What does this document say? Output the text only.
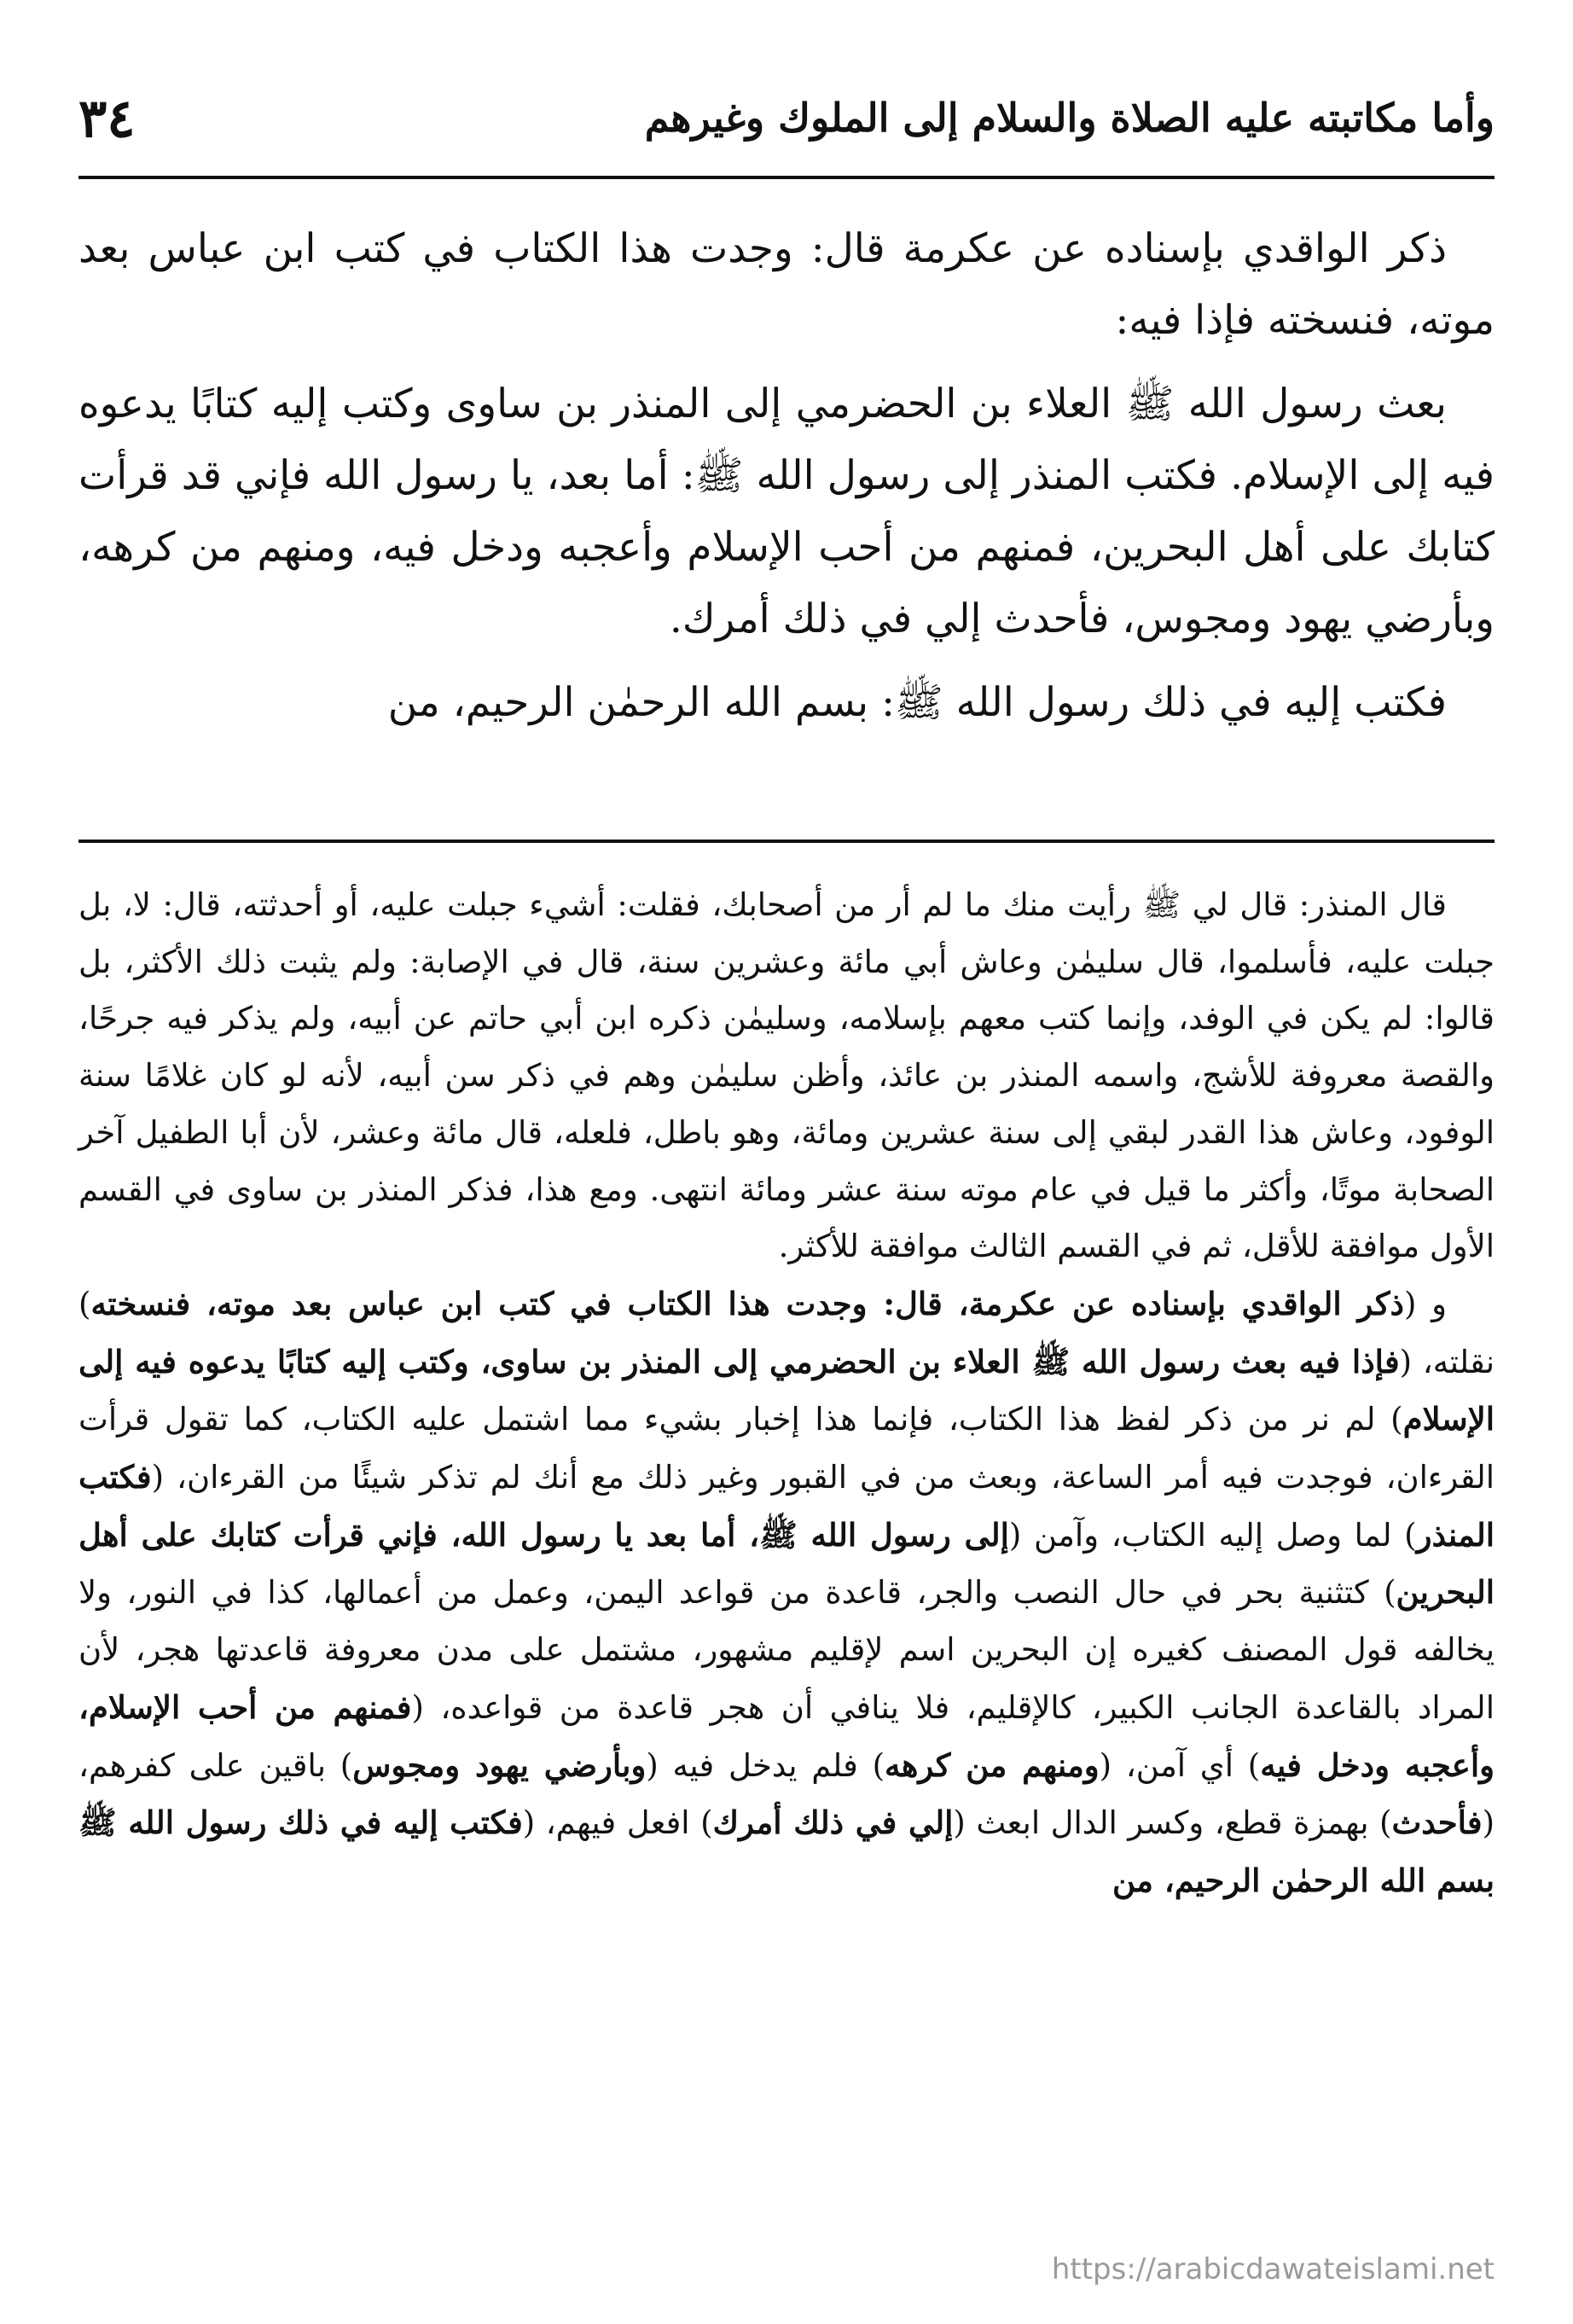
وأما مكاتبته عليه الصلاة والسلام إلى الملوك وغيرهم
٣٤

ذكر الواقدي بإسناده عن عكرمة قال: وجدت هذا الكتاب في كتب ابن عباس بعد موته، فنسخته فإذا فيه:

بعث رسول الله ﷺ العلاء بن الحضرمي إلى المنذر بن ساوى وكتب إليه كتابًا يدعوه فيه إلى الإسلام. فكتب المنذر إلى رسول الله ﷺ: أما بعد، يا رسول الله فإني قد قرأت كتابك على أهل البحرين، فمنهم من أحب الإسلام وأعجبه ودخل فيه، ومنهم من كرهه، وبأرضي يهود ومجوس، فأحدث إلي في ذلك أمرك.

فكتب إليه في ذلك رسول الله ﷺ: بسم الله الرحمٰن الرحيم، من

قال المنذر: قال لي ﷺ رأيت منك ما لم أر من أصحابك، فقلت: أشيء جبلت عليه، أو أحدثته، قال: لا، بل جبلت عليه، فأسلموا، قال سليمٰن وعاش أبي مائة وعشرين سنة، قال في الإصابة: ولم يثبت ذلك الأكثر، بل قالوا: لم يكن في الوفد، وإنما كتب معهم بإسلامه، وسليمٰن ذكره ابن أبي حاتم عن أبيه، ولم يذكر فيه جرحًا، والقصة معروفة للأشج، واسمه المنذر بن عائذ، وأظن سليمٰن وهم في ذكر سن أبيه، لأنه لو كان غلامًا سنة الوفود، وعاش هذا القدر لبقي إلى سنة عشرين ومائة، وهو باطل، فلعله، قال مائة وعشر، لأن أبا الطفيل آخر الصحابة موتًا، وأكثر ما قيل في عام موته سنة عشر ومائة انتهى. ومع هذا، فذكر المنذر بن ساوى في القسم الأول موافقة للأقل، ثم في القسم الثالث موافقة للأكثر.

و (ذكر الواقدي بإسناده عن عكرمة، قال: وجدت هذا الكتاب في كتب ابن عباس بعد موته، فنسخته) نقلته، (فإذا فيه بعث رسول الله ﷺ العلاء بن الحضرمي إلى المنذر بن ساوى، وكتب إليه كتابًا يدعوه فيه إلى الإسلام) لم نر من ذكر لفظ هذا الكتاب، فإنما هذا إخبار بشيء مما اشتمل عليه الكتاب، كما تقول قرأت القرءان، فوجدت فيه أمر الساعة، وبعث من في القبور وغير ذلك مع أنك لم تذكر شيئًا من القرءان، (فكتب المنذر) لما وصل إليه الكتاب، وآمن (إلى رسول الله ﷺ، أما بعد يا رسول الله، فإني قرأت كتابك على أهل البحرين) كتثنية بحر في حال النصب والجر، قاعدة من قواعد اليمن، وعمل من أعمالها، كذا في النور، ولا يخالفه قول المصنف كغيره إن البحرين اسم لإقليم مشهور، مشتمل على مدن معروفة قاعدتها هجر، لأن المراد بالقاعدة الجانب الكبير، كالإقليم، فلا ينافي أن هجر قاعدة من قواعده، (فمنهم من أحب الإسلام، وأعجبه ودخل فيه) أي آمن، (ومنهم من كرهه) فلم يدخل فيه (وبأرضي يهود ومجوس) باقين على كفرهم، (فأحدث) بهمزة قطع، وكسر الدال ابعث (إلي في ذلك أمرك) افعل فيهم، (فكتب إليه في ذلك رسول الله ﷺ بسم الله الرحمٰن الرحيم، من

https://arabicdawateislami.net
